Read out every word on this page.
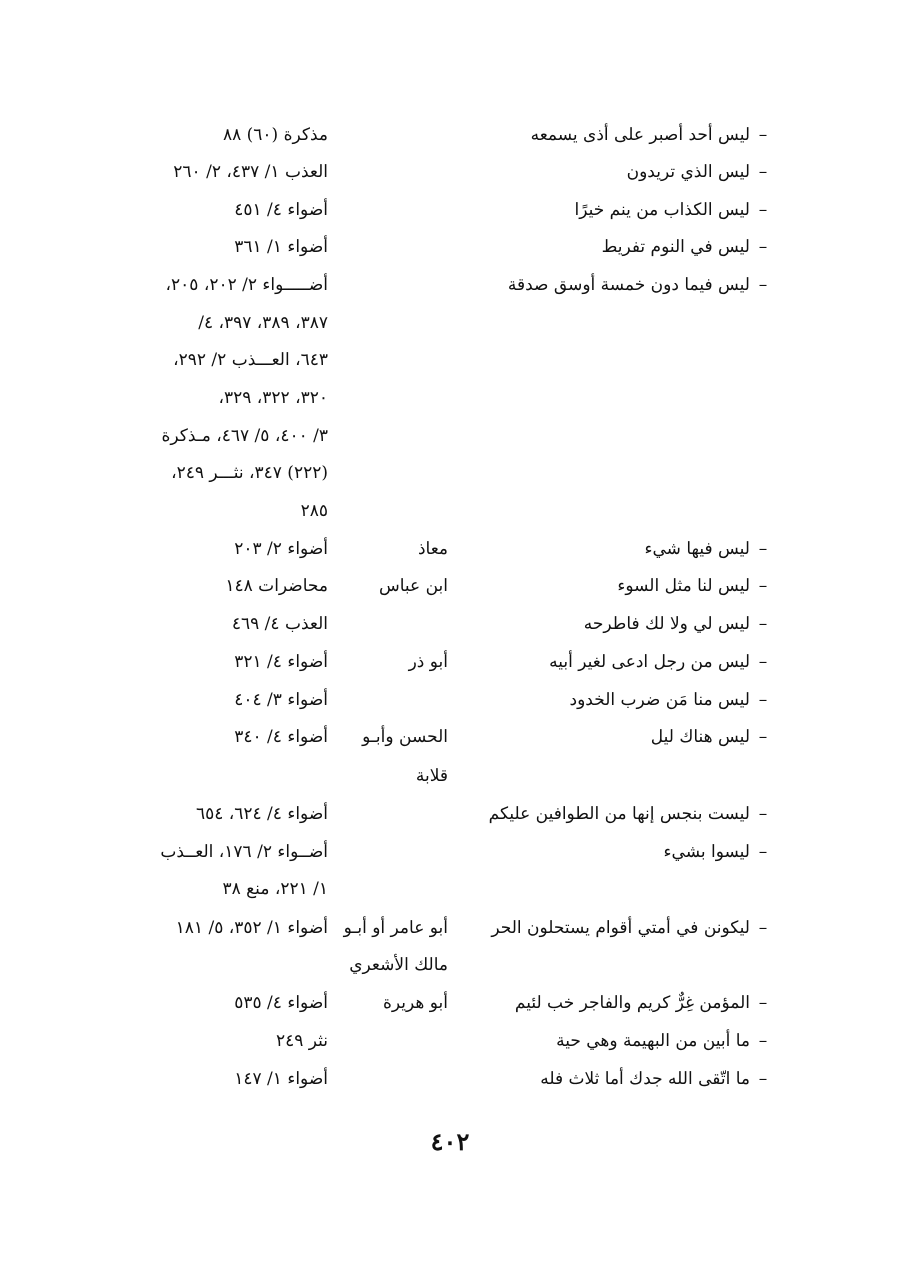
–
ليس أحد أصبر على أذى يسمعه
مذكرة (٦٠) ٨٨
–
ليس الذي تريدون
العذب ١/ ٤٣٧، ٢/ ٢٦٠
–
ليس الكذاب من ينم خيرًا
أضواء ٤/ ٤٥١
–
ليس في النوم تفريط
أضواء ١/ ٣٦١
–
ليس فيما دون خمسة أوسق صدقة
أضـــــواء ٢/ ٢٠٢، ٢٠٥،
٣٨٧، ٣٨٩، ٣٩٧، ٤/
٦٤٣، العـــذب ٢/ ٢٩٢،
٣٢٠، ٣٢٢، ٣٢٩،
٣/ ٤٠٠، ٥/ ٤٦٧، مـذكرة
(٢٢٢) ٣٤٧، نثـــر ٢٤٩،
٢٨٥
–
ليس فيها شيء
معاذ
أضواء ٢/ ٢٠٣
–
ليس لنا مثل السوء
ابن عباس
محاضرات ١٤٨
–
ليس لي ولا لك فاطرحه
العذب ٤/ ٤٦٩
–
ليس من رجل ادعى لغير أبيه
أبو ذر
أضواء ٤/ ٣٢١
–
ليس منا مَن ضرب الخدود
أضواء ٣/ ٤٠٤
–
ليس هناك ليل
الحسن وأبـو
أضواء ٤/ ٣٤٠
قلابة
–
ليست بنجس إنها من الطوافين عليكم
أضواء ٤/ ٦٢٤، ٦٥٤
–
ليسوا بشيء
أضــواء ٢/ ١٧٦، العــذب
١/ ٢٢١، منع ٣٨
–
ليكونن في أمتي أقوام يستحلون الحر
أبو عامر أو أبـو
أضواء ١/ ٣٥٢، ٥/ ١٨١
مالك الأشعري
–
المؤمن غِرٌّ كريم والفاجر خب لئيم
أبو هريرة
أضواء ٤/ ٥٣٥
–
ما أبين من البهيمة وهي حية
نثر ٢٤٩
–
ما اتّقى الله جدك أما ثلاث فله
أضواء ١/ ١٤٧
٤٠٢
